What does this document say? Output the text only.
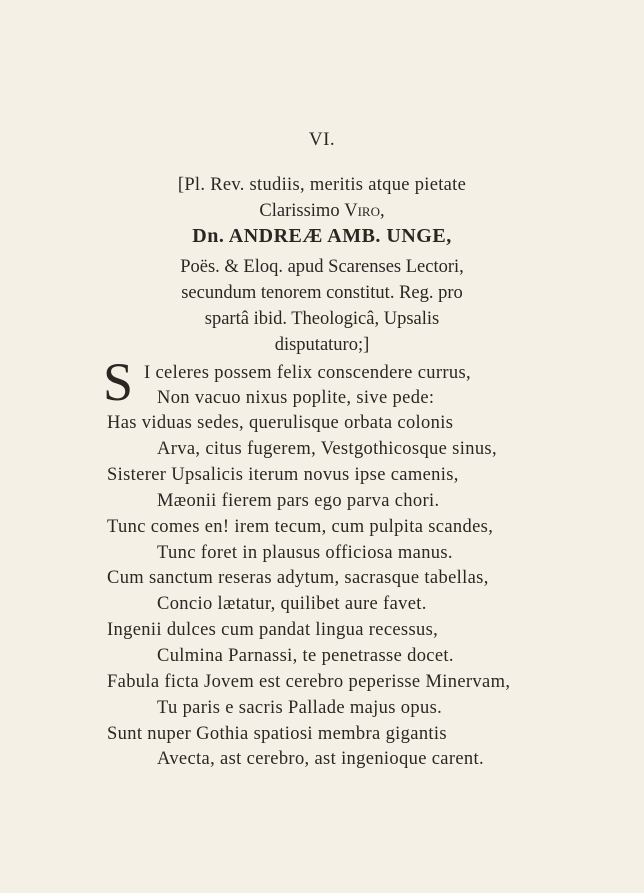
VI.
[Pl. Rev. studiis, meritis atque pietate
Clarissimo Viro,
Dn. ANDREÆ AMB. UNGE,
Poës. & Eloq. apud Scarenses Lectori,
secundum tenorem constitut. Reg. pro
spartâ ibid. Theologicâ, Upsalis
disputaturo;]
S I celeres possem felix conscendere currus,
Non vacuo nixus poplite, sive pede:
Has viduas sedes, querulisque orbata colonis
Arva, citus fugerem, Vestgothicosque sinus,
Sisterer Upsalicis iterum novus ipse camenis,
Mæonii fierem pars ego parva chori.
Tunc comes en! irem tecum, cum pulpita scandes,
Tunc foret in plausus officiosa manus.
Cum sanctum reseras adytum, sacrasque tabellas,
Concio lætatur, quilibet aure favet.
Ingenii dulces cum pandat lingua recessus,
Culmina Parnassi, te penetrasse docet.
Fabula ficta Jovem est cerebro peperisse Minervam,
Tu paris e sacris Pallade majus opus.
Sunt nuper Gothia spatiosi membra gigantis
Avecta, ast cerebro, ast ingenioque carent.
